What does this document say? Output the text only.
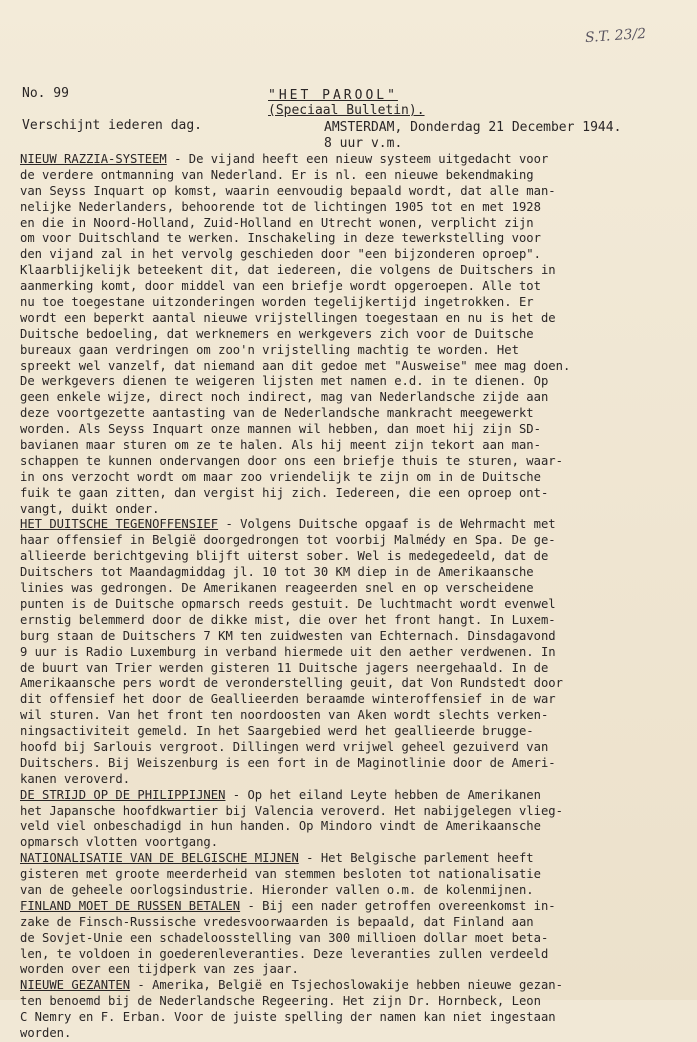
S.T. 23/2
No. 99
Verschijnt iederen dag.
"HET PAROOL"
(Speciaal Bulletin).
AMSTERDAM, Donderdag 21 December 1944.
8 uur v.m.
NIEUW RAZZIA-SYSTEEM - De vijand heeft een nieuw systeem uitgedacht voor
de verdere ontmanning van Nederland. Er is nl. een nieuwe bekendmaking
van Seyss Inquart op komst, waarin eenvoudig bepaald wordt, dat alle man-
nelijke Nederlanders, behoorende tot de lichtingen 1905 tot en met 1928
en die in Noord-Holland, Zuid-Holland en Utrecht wonen, verplicht zijn
om voor Duitschland te werken. Inschakeling in deze tewerkstelling voor
den vijand zal in het vervolg geschieden door "een bijzonderen oproep".
Klaarblijkelijk beteekent dit, dat iedereen, die volgens de Duitschers in
aanmerking komt, door middel van een briefje wordt opgeroepen. Alle tot
nu toe toegestane uitzonderingen worden tegelijkertijd ingetrokken. Er
wordt een beperkt aantal nieuwe vrijstellingen toegestaan en nu is het de
Duitsche bedoeling, dat werknemers en werkgevers zich voor de Duitsche
bureaux gaan verdringen om zoo'n vrijstelling machtig te worden. Het
spreekt wel vanzelf, dat niemand aan dit gedoe met "Ausweise" mee mag doen.
De werkgevers dienen te weigeren lijsten met namen e.d. in te dienen. Op
geen enkele wijze, direct noch indirect, mag van Nederlandsche zijde aan
deze voortgezette aantasting van de Nederlandsche mankracht meegewerkt
worden. Als Seyss Inquart onze mannen wil hebben, dan moet hij zijn SD-
bavianen maar sturen om ze te halen. Als hij meent zijn tekort aan man-
schappen te kunnen ondervangen door ons een briefje thuis te sturen, waar-
in ons verzocht wordt om maar zoo vriendelijk te zijn om in de Duitsche
fuik te gaan zitten, dan vergist hij zich. Iedereen, die een oproep ont-
vangt, duikt onder.
HET DUITSCHE TEGENOFFENSIEF - Volgens Duitsche opgaaf is de Wehrmacht met
haar offensief in België doorgedrongen tot voorbij Malmédy en Spa. De ge-
allieerde berichtgeving blijft uiterst sober. Wel is medegedeeld, dat de
Duitschers tot Maandagmiddag jl. 10 tot 30 KM diep in de Amerikaansche
linies was gedrongen. De Amerikanen reageerden snel en op verscheidene
punten is de Duitsche opmarsch reeds gestuit. De luchtmacht wordt evenwel
ernstig belemmerd door de dikke mist, die over het front hangt. In Luxem-
burg staan de Duitschers 7 KM ten zuidwesten van Echternach. Dinsdagavond
9 uur is Radio Luxemburg in verband hiermede uit den aether verdwenen. In
de buurt van Trier werden gisteren 11 Duitsche jagers neergehaald. In de
Amerikaansche pers wordt de veronderstelling geuit, dat Von Rundstedt door
dit offensief het door de Geallieerden beraamde winteroffensief in de war
wil sturen. Van het front ten noordoosten van Aken wordt slechts verken-
ningsactiviteit gemeld. In het Saargebied werd het geallieerde brugge-
hoofd bij Sarlouis vergroot. Dillingen werd vrijwel geheel gezuiverd van
Duitschers. Bij Weiszenburg is een fort in de Maginotlinie door de Ameri-
kanen veroverd.
DE STRIJD OP DE PHILIPPIJNEN - Op het eiland Leyte hebben de Amerikanen
het Japansche hoofdkwartier bij Valencia veroverd. Het nabijgelegen vlieg-
veld viel onbeschadigd in hun handen. Op Mindoro vindt de Amerikaansche
opmarsch vlotten voortgang.
NATIONALISATIE VAN DE BELGISCHE MIJNEN - Het Belgische parlement heeft
gisteren met groote meerderheid van stemmen besloten tot nationalisatie
van de geheele oorlogsindustrie. Hieronder vallen o.m. de kolenmijnen.
FINLAND MOET DE RUSSEN BETALEN - Bij een nader getroffen overeenkomst in-
zake de Finsch-Russische vredesvoorwaarden is bepaald, dat Finland aan
de Sovjet-Unie een schadeloosstelling van 300 millioen dollar moet beta-
len, te voldoen in goederenleveranties. Deze leveranties zullen verdeeld
worden over een tijdperk van zes jaar.
NIEUWE GEZANTEN - Amerika, België en Tsjechoslowakije hebben nieuwe gezan-
ten benoemd bij de Nederlandsche Regeering. Het zijn Dr. Hornbeck, Leon
C Nemry en F. Erban. Voor de juiste spelling der namen kan niet ingestaan
worden.
